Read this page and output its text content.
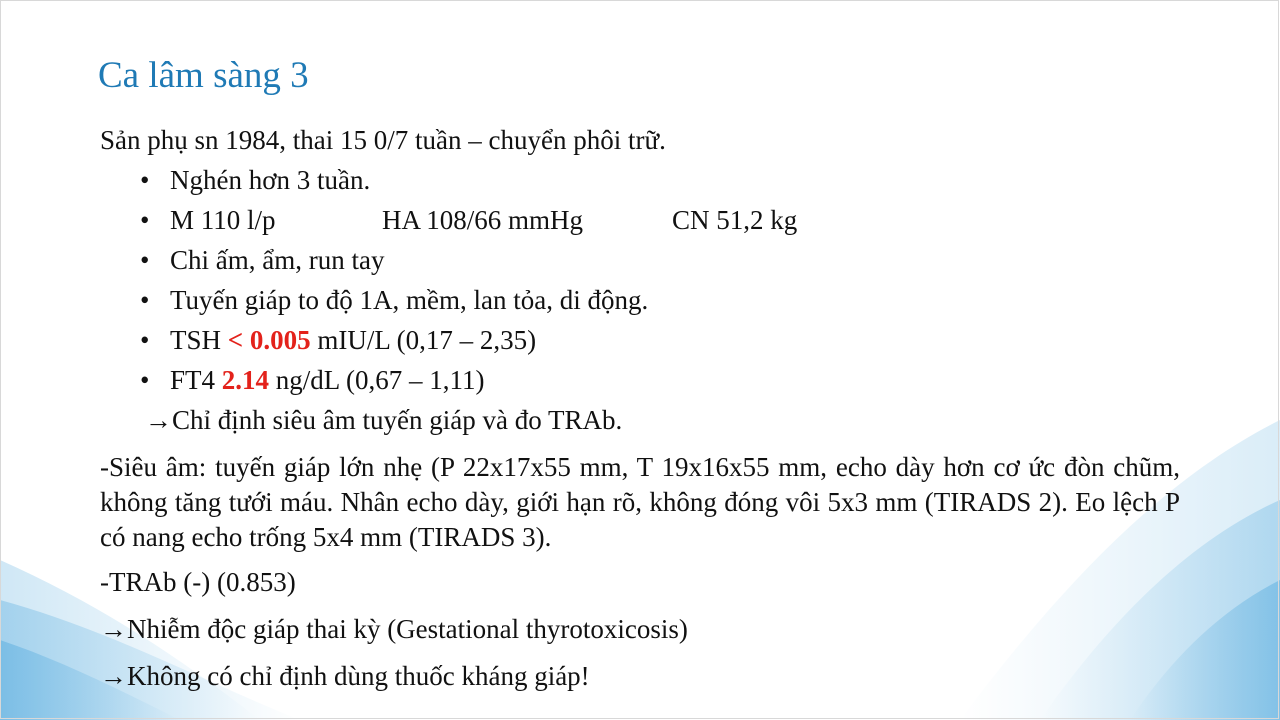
Ca lâm sàng 3
Sản phụ sn 1984, thai 15 0/7 tuần – chuyển phôi trữ.
• Nghén hơn 3 tuần.
• M 110 l/p	HA 108/66 mmHg	CN 51,2 kg
• Chi ấm, ẩm, run tay
• Tuyến giáp to độ 1A, mềm, lan tỏa, di động.
• TSH < 0.005 mIU/L (0,17 – 2,35)
• FT4 2.14 ng/dL (0,67 – 1,11)
→Chỉ định siêu âm tuyến giáp và đo TRAb.
-Siêu âm: tuyến giáp lớn nhẹ (P 22x17x55 mm, T 19x16x55 mm, echo dày hơn cơ ức đòn chũm, không tăng tưới máu. Nhân echo dày, giới hạn rõ, không đóng vôi 5x3 mm (TIRADS 2). Eo lệch P có nang echo trống 5x4 mm (TIRADS 3).
-TRAb (-) (0.853)
→Nhiễm độc giáp thai kỳ (Gestational thyrotoxicosis)
→Không có chỉ định dùng thuốc kháng giáp!
